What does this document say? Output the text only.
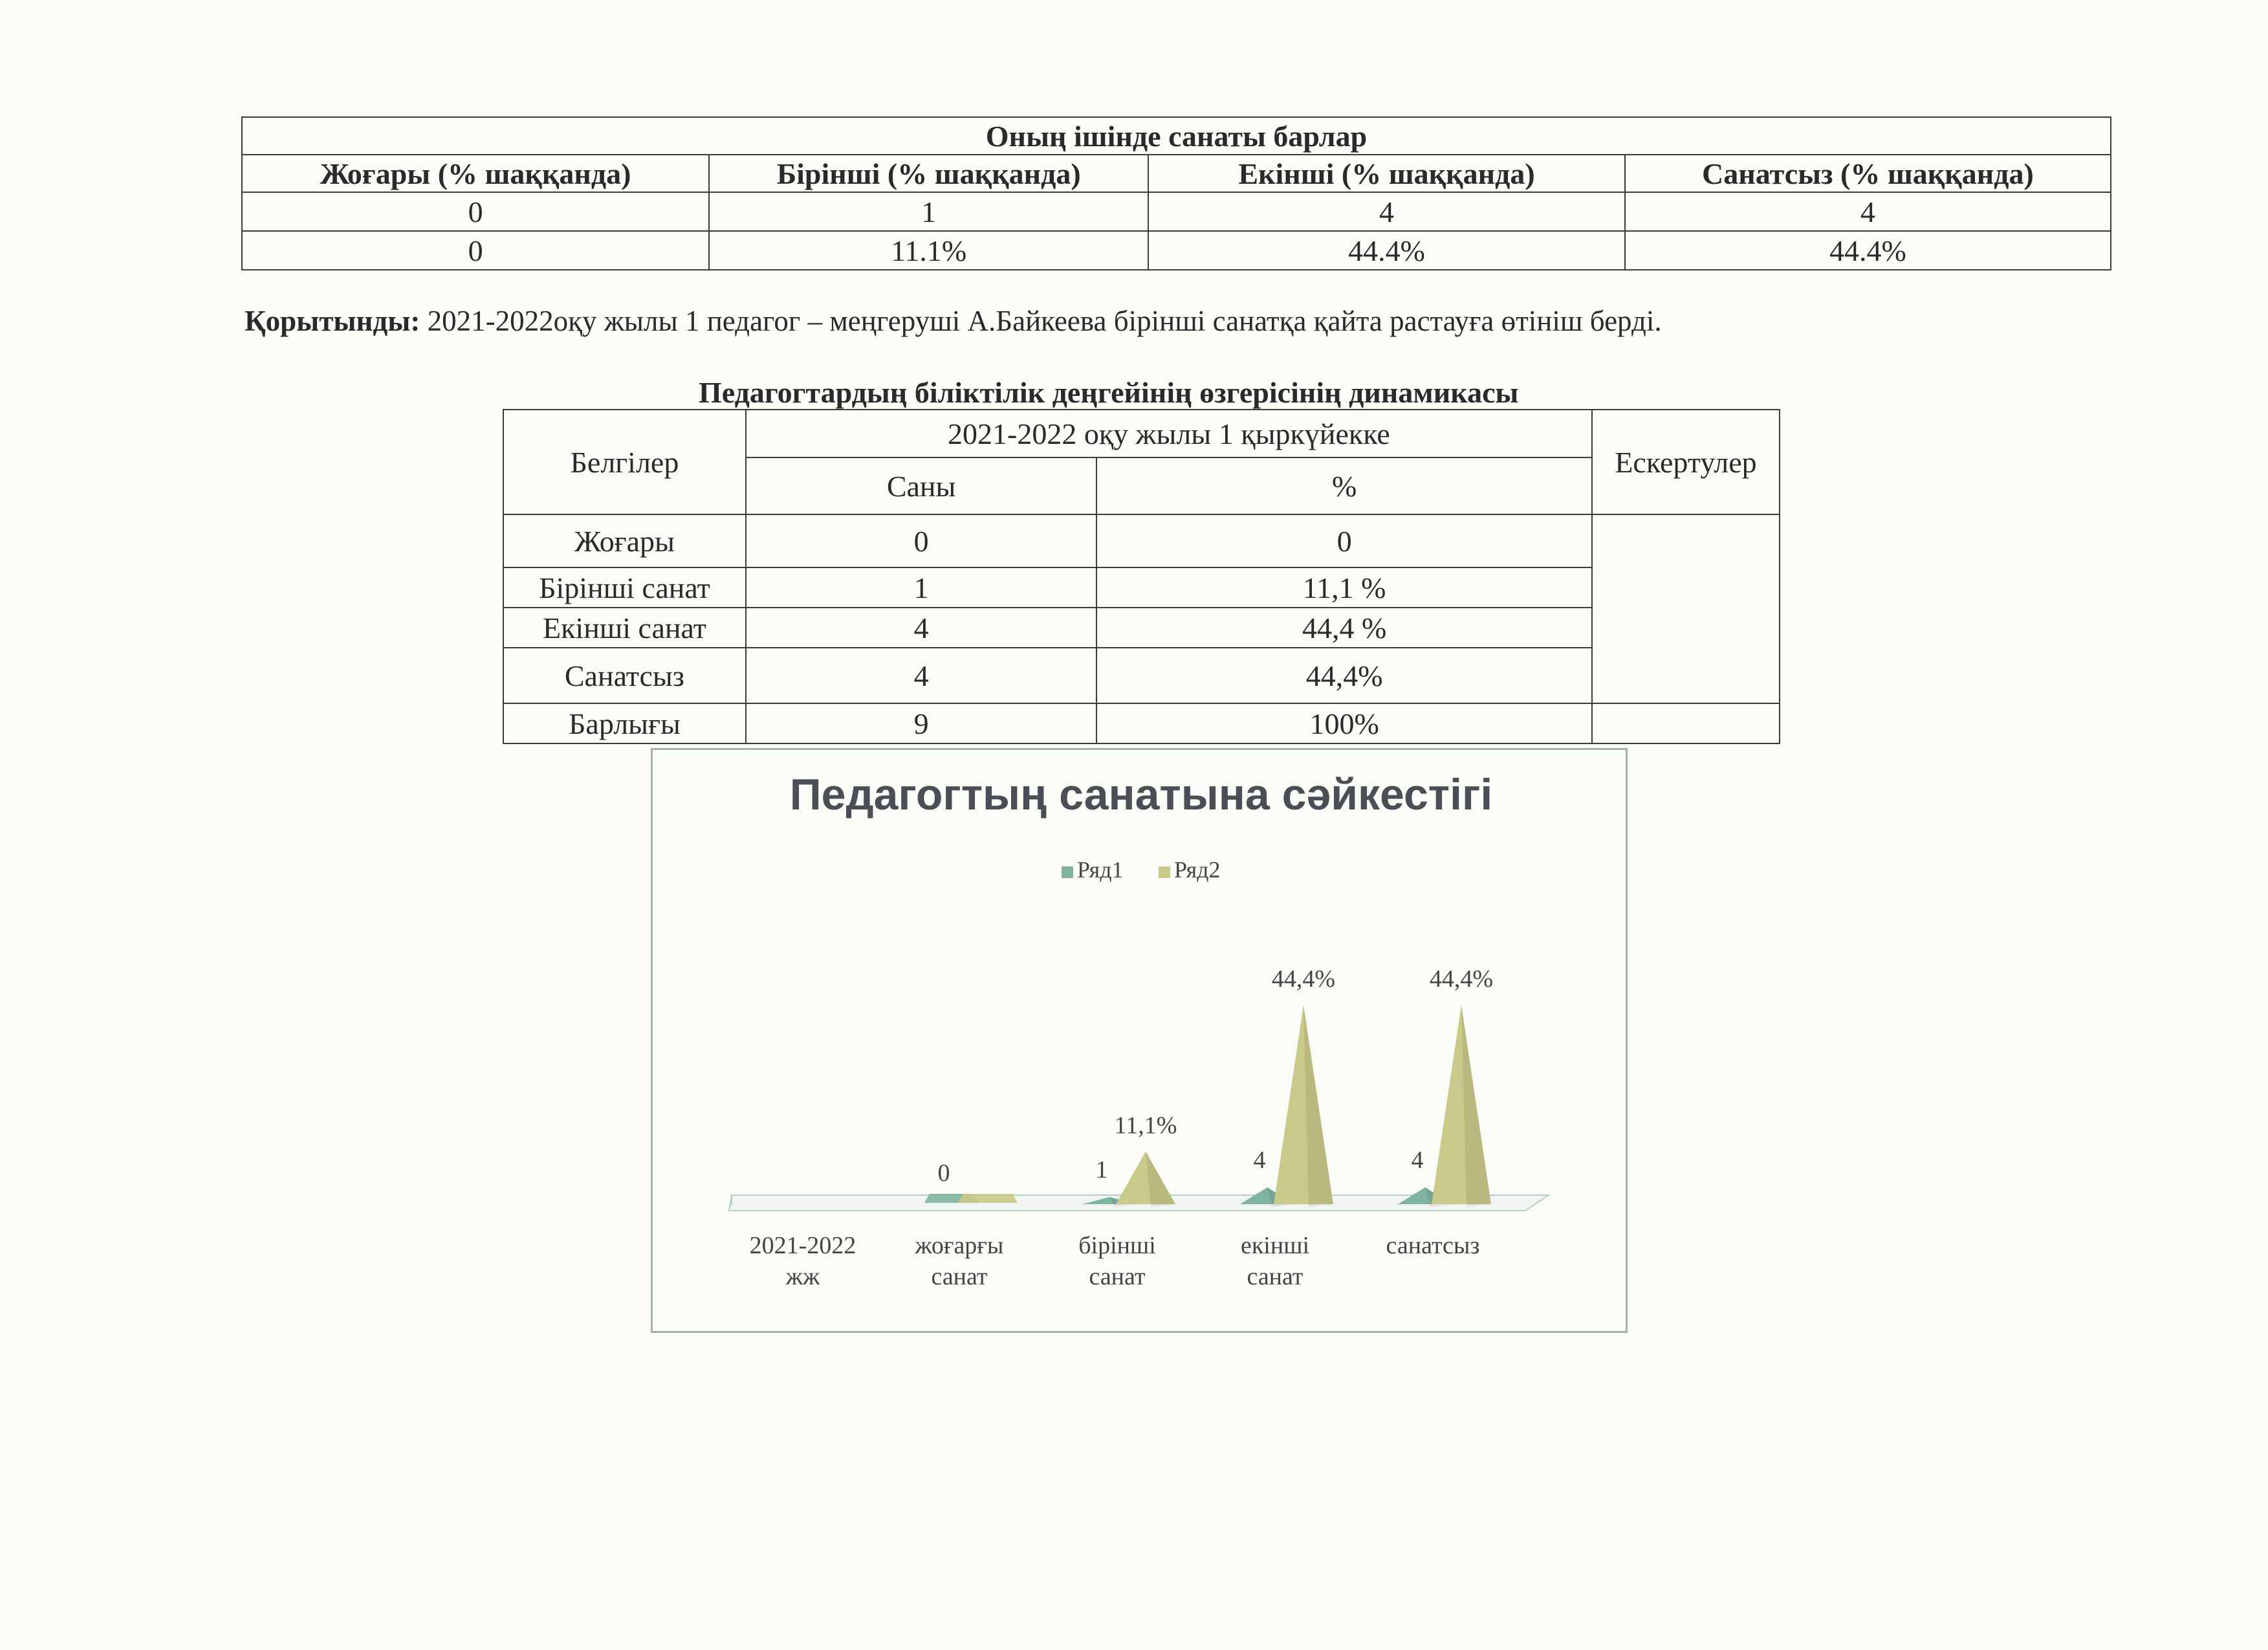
Оның ішінде санаты барлар			
Жоғары (% шаққанда)	Бірінші (% шаққанда)	Екінші (% шаққанда)	Санатсыз (% шаққанда)
0	1	4	4
0	11.1%	44.4%	44.4%
Қорытынды: 2021-2022оқу жылы 1 педагог – меңгеруші А.Байкеева бірінші санатқа қайта растауға өтініш берді.
Педагогтардың біліктілік деңгейінің өзгерісінің динамикасы
Белгілер	2021-2022 оқу жылы 1 қыркүйекке		Ескертулер
	Саны	%	
Жоғары	0	0	
Бірінші санат	1	11,1 %	
Екінші санат	4	44,4 %	
Санатсыз	4	44,4%	
Барлығы	9	100%	
Педагогтың санатына сәйкестігі
Ряд1 Ряд2
0	1
11,1%
4
44,4%
4
44,4%
2021-2022 жж
жоғарғы санат
бірінші санат
екінші санат
санатсыз
